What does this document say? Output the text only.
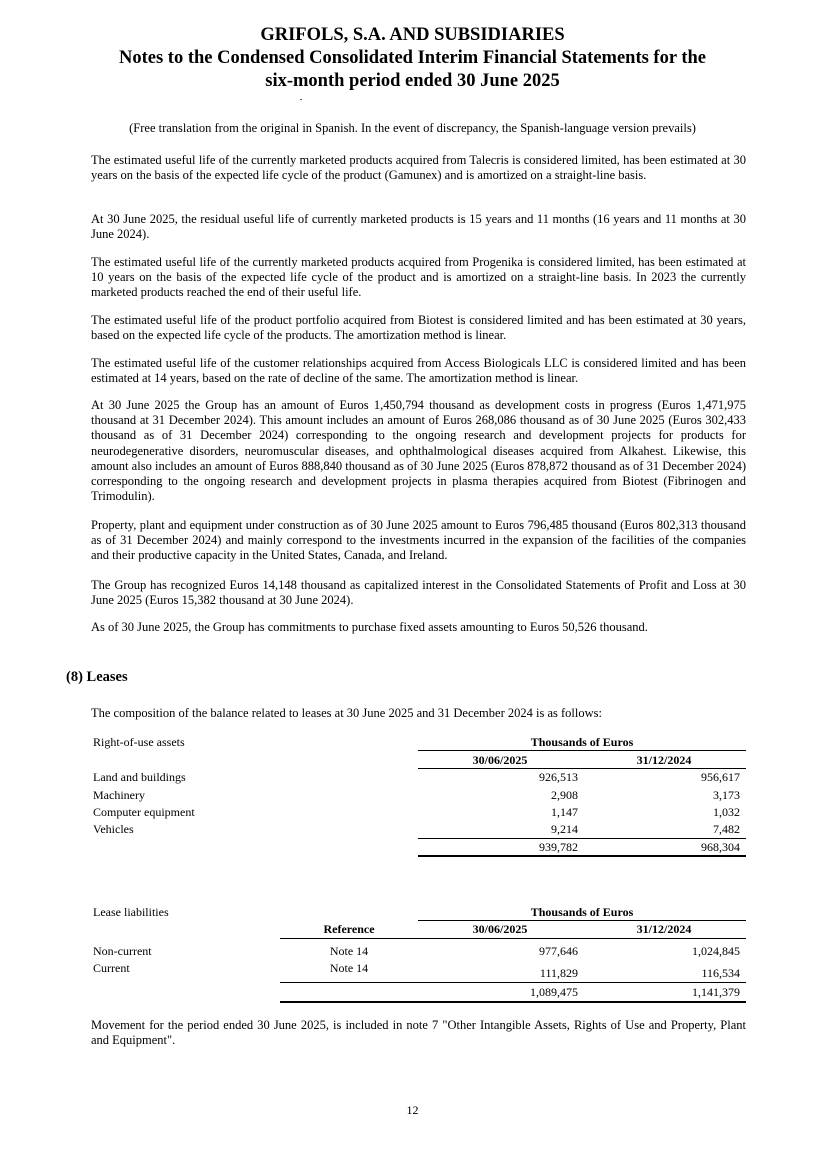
GRIFOLS, S.A. AND SUBSIDIARIES
Notes to the Condensed Consolidated Interim Financial Statements for the
six-month period ended 30 June 2025
(Free translation from the original in Spanish. In the event of discrepancy, the Spanish-language version prevails)

The estimated useful life of the currently marketed products acquired from Talecris is considered limited, has been estimated at 30 years on the basis of the expected life cycle of the product (Gamunex) and is amortized on a straight-line basis.

At 30 June 2025, the residual useful life of currently marketed products is 15 years and 11 months (16 years and 11 months at 30 June 2024).

The estimated useful life of the currently marketed products acquired from Progenika is considered limited, has been estimated at 10 years on the basis of the expected life cycle of the product and is amortized on a straight-line basis. In 2023 the currently marketed products reached the end of their useful life.

The estimated useful life of the product portfolio acquired from Biotest is considered limited and has been estimated at 30 years, based on the expected life cycle of the products. The amortization method is linear.

The estimated useful life of the customer relationships acquired from Access Biologicals LLC is considered limited and has been estimated at 14 years, based on the rate of decline of the same. The amortization method is linear.

At 30 June 2025 the Group has an amount of Euros 1,450,794 thousand as development costs in progress (Euros 1,471,975 thousand at 31 December 2024). This amount includes an amount of Euros 268,086 thousand as of 30 June 2025 (Euros 302,433 thousand as of 31 December 2024) corresponding to the ongoing research and development projects for products for neurodegenerative disorders, neuromuscular diseases, and ophthalmological diseases acquired from Alkahest. Likewise, this amount also includes an amount of Euros 888,840 thousand as of 30 June 2025 (Euros 878,872 thousand as of 31 December 2024) corresponding to the ongoing research and development projects in plasma therapies acquired from Biotest (Fibrinogen and Trimodulin).

Property, plant and equipment under construction as of 30 June 2025 amount to Euros 796,485 thousand (Euros 802,313 thousand as of 31 December 2024) and mainly correspond to the investments incurred in the expansion of the facilities of the companies and their productive capacity in the United States, Canada, and Ireland.

The Group has recognized Euros 14,148 thousand as capitalized interest in the Consolidated Statements of Profit and Loss at 30 June 2025 (Euros 15,382 thousand at 30 June 2024).

As of 30 June 2025, the Group has commitments to purchase fixed assets amounting to Euros 50,526 thousand.

(8) Leases

The composition of the balance related to leases at 30 June 2025 and 31 December 2024 is as follows:

Right-of-use assets	Thousands of Euros
30/06/2025	31/12/2024
Land and buildings	926,513	956,617
Machinery	2,908	3,173
Computer equipment	1,147	1,032
Vehicles	9,214	7,482
939,782	968,304
Lease liabilities	Thousands of Euros
Reference	30/06/2025	31/12/2024
Non-current	Note 14	977,646	1,024,845
Current	Note 14	111,829	116,534
1,089,475	1,141,379

Movement for the period ended 30 June 2025, is included in note 7 "Other Intangible Assets, Rights of Use and Property, Plant and Equipment".

12
